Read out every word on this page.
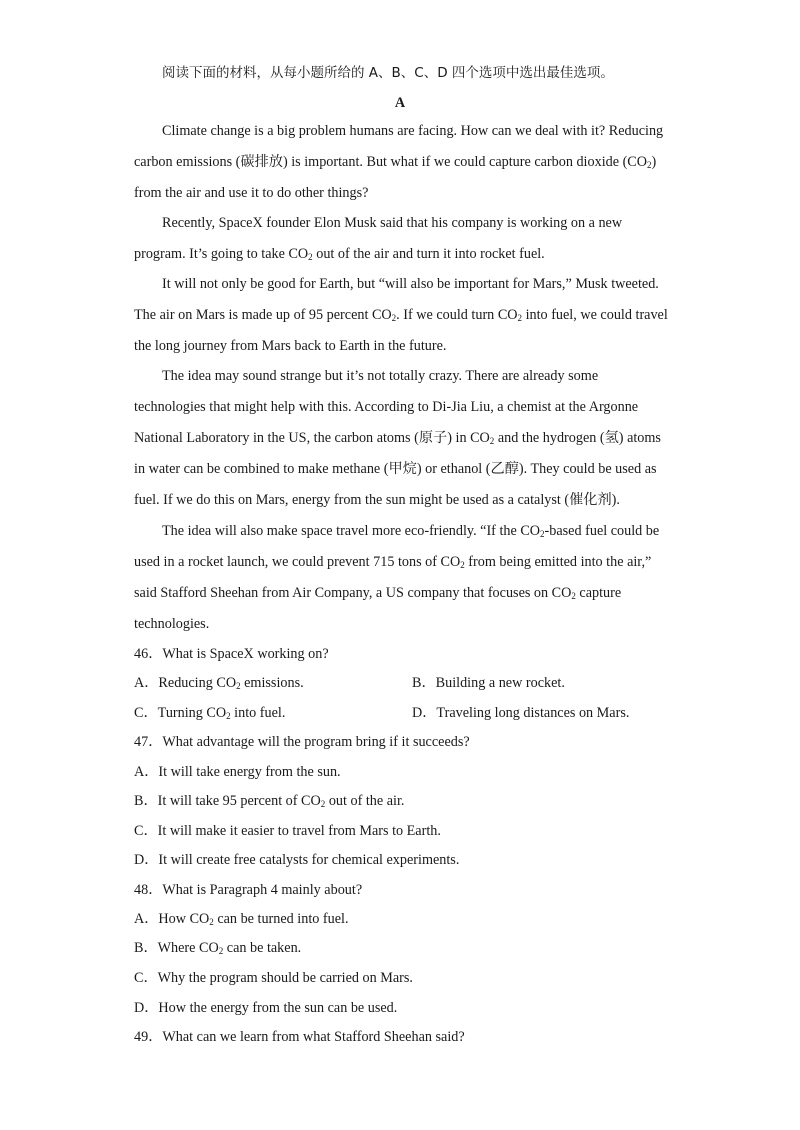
阅读下面的材料，从每小题所给的 A、B、C、D 四个选项中选出最佳选项。
A
Climate change is a big problem humans are facing. How can we deal with it? Reducing
carbon emissions (碳排放) is important. But what if we could capture carbon dioxide $(CO_2)$
from the air and use it to do other things?
Recently, SpaceX founder Elon Musk said that his company is working on a new
program. It’s going to take $CO_2$ out of the air and turn it into rocket fuel.
It will not only be good for Earth, but “will also be important for Mars,” Musk tweeted.
The air on Mars is made up of 95 percent $CO_2$. If we could turn $CO_2$ into fuel, we could travel
the long journey from Mars back to Earth in the future.
The idea may sound strange but it’s not totally crazy. There are already some
technologies that might help with this. According to Di-Jia Liu, a chemist at the Argonne
National Laboratory in the US, the carbon atoms (原子) in $CO_2$ and the hydrogen (氢) atoms
in water can be combined to make methane (甲烷) or ethanol (乙醇). They could be used as
fuel. If we do this on Mars, energy from the sun might be used as a catalyst (催化剂).
The idea will also make space travel more eco-friendly. “If the $CO_2$-based fuel could be
used in a rocket launch, we could prevent 715 tons of $CO_2$ from being emitted into the air,”
said Stafford Sheehan from Air Company, a US company that focuses on $CO_2$ capture
technologies.
46．What is SpaceX working on?
A．Reducing $CO_2$ emissions.	B．Building a new rocket.
C．Turning $CO_2$ into fuel.	D．Traveling long distances on Mars.
47．What advantage will the program bring if it succeeds?
A．It will take energy from the sun.
B．It will take 95 percent of $CO_2$ out of the air.
C．It will make it easier to travel from Mars to Earth.
D．It will create free catalysts for chemical experiments.
48．What is Paragraph 4 mainly about?
A．How $CO_2$ can be turned into fuel.
B．Where $CO_2$ can be taken.
C．Why the program should be carried on Mars.
D．How the energy from the sun can be used.
49．What can we learn from what Stafford Sheehan said?
